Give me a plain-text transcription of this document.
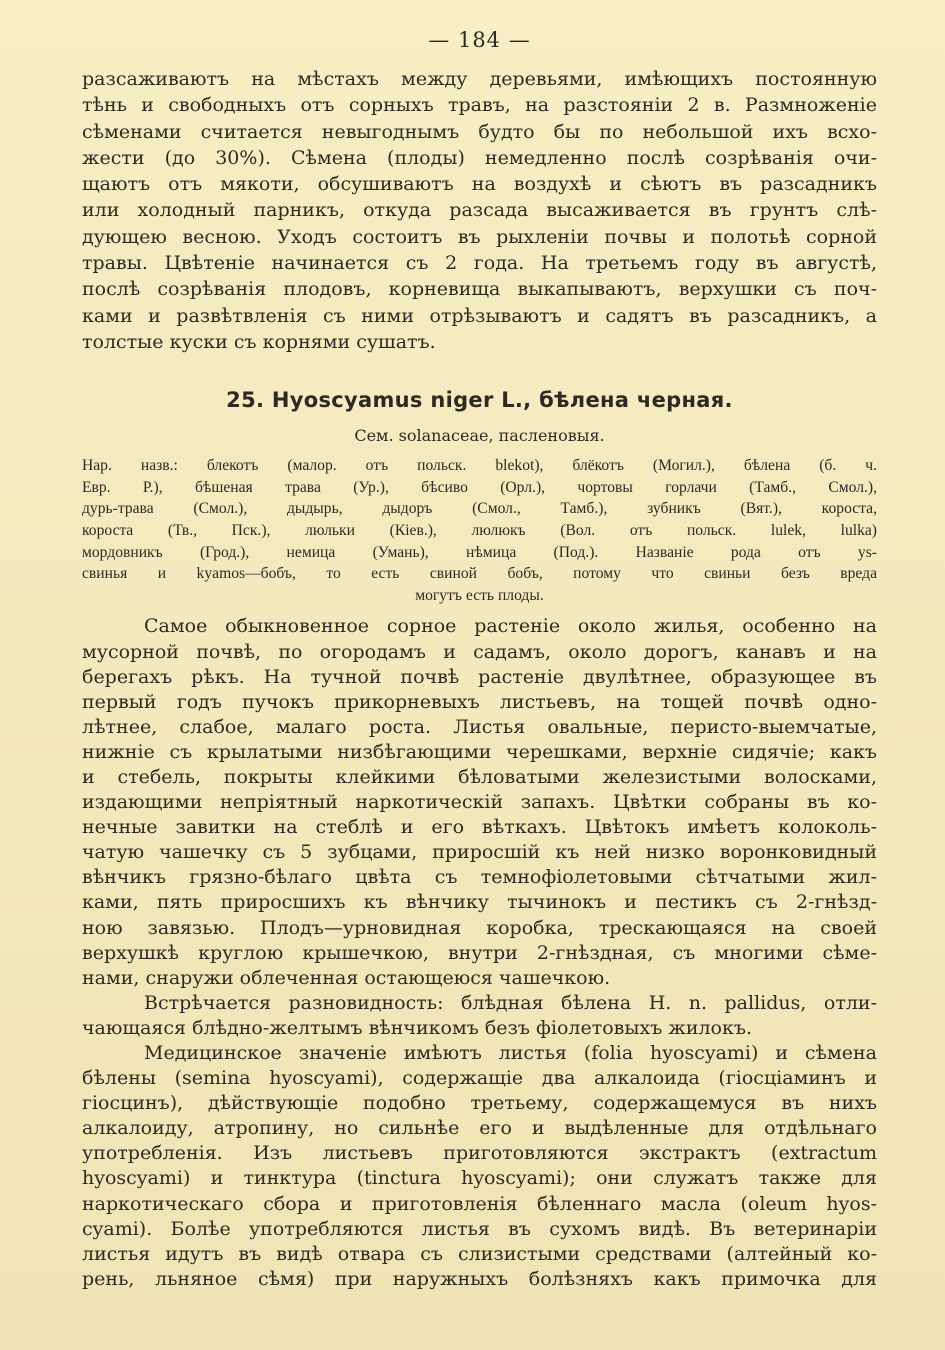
— 184 —
разсаживаютъ на мѣстахъ между деревьями, имѣющихъ постоянную
тѣнь и свободныхъ отъ сорныхъ травъ, на разстояніи 2 в. Размноженіе
сѣменами считается невыгоднымъ будто бы по небольшой ихъ всхо-
жести (до 30%). Сѣмена (плоды) немедленно послѣ созрѣванія очи-
щаютъ отъ мякоти, обсушиваютъ на воздухѣ и сѣютъ въ разсадникъ
или холодный парникъ, откуда разсада высаживается въ грунтъ слѣ-
дующею весною. Уходъ состоитъ въ рыхленіи почвы и полотьѣ сорной
травы. Цвѣтеніе начинается съ 2 года. На третьемъ году въ августѣ,
послѣ созрѣванія плодовъ, корневища выкапываютъ, верхушки съ поч-
ками и развѣтвленія съ ними отрѣзываютъ и садятъ въ разсадникъ, а
толстые куски съ корнями сушатъ.
25. Hyoscyamus niger L., бѣлена черная.
Сем. solanaceae, пасленовыя.
Нар. назв.: блекотъ (малор. отъ польск. blekot), блёкотъ (Могил.), бѣлена (б. ч.
Евр. Р.), бѣшеная трава (Ур.), бѣсиво (Орл.), чортовы горлачи (Тамб., Смол.),
дурь-трава (Смол.), дыдырь, дыдоръ (Смол., Тамб.), зубникъ (Вят.), короста,
коростa (Тв., Пск.), люльки (Кіев.), люлюкъ (Вол. отъ польск. lulek, lulka)
мордовникъ (Грод.), немица (Умань), нѣмица (Под.). Названіе рода отъ ys-
свинья и kyamos—бобъ, то есть свиной бобъ, потому что свиньи безъ вреда
могутъ есть плоды.
Самое обыкновенное сорное растеніе около жилья, особенно на
мусорной почвѣ, по огородамъ и садамъ, около дорогъ, канавъ и на
берегахъ рѣкъ. На тучной почвѣ растеніе двулѣтнее, образующее въ
первый годъ пучокъ прикорневыхъ листьевъ, на тощей почвѣ одно-
лѣтнее, слабое, малаго роста. Листья овальные, перисто-выемчатые,
нижніе съ крылатыми низбѣгающими черешками, верхніе сидячіе; какъ
и стебель, покрыты клейкими бѣловатыми железистыми волосками,
издающими непріятный наркотическій запахъ. Цвѣтки собраны въ ко-
нечные завитки на стеблѣ и его вѣткахъ. Цвѣтокъ имѣетъ колоколь-
чатую чашечку съ 5 зубцами, приросшій къ ней низко воронковидный
вѣнчикъ грязно-бѣлаго цвѣта съ темнофіолетовыми сѣтчатыми жил-
ками, пять приросшихъ къ вѣнчику тычинокъ и пестикъ съ 2-гнѣзд-
ною завязью. Плодъ—урновидная коробка, трескающаяся на своей
верхушкѣ круглою крышечкою, внутри 2-гнѣздная, съ многими сѣме-
нами, снаружи облеченная остающеюся чашечкою.
Встрѣчается разновидность: блѣдная бѣлена H. n. pallidus, отли-
чающаяся блѣдно-желтымъ вѣнчикомъ безъ фіолетовыхъ жилокъ.
Медицинское значеніе имѣютъ листья (folia hyoscyami) и сѣмена
бѣлены (semina hyoscyami), содержащіе два алкалоида (гіосціаминъ и
гіосцинъ), дѣйствующіе подобно третьему, содержащемуся въ нихъ
алкалоиду, атропину, но сильнѣе его и выдѣленные для отдѣльнаго
употребленія. Изъ листьевъ приготовляются экстрактъ (extractum
hyoscyami) и тинктура (tinctura hyoscyami); они служатъ также для
наркотическаго сбора и приготовленія бѣленнаго масла (oleum hyos-
cyami). Болѣе употребляются листья въ сухомъ видѣ. Въ ветеринаріи
листья идутъ въ видѣ отвара съ слизистыми средствами (алтейный ко-
рень, льняное сѣмя) при наружныхъ болѣзняхъ какъ примочка для
